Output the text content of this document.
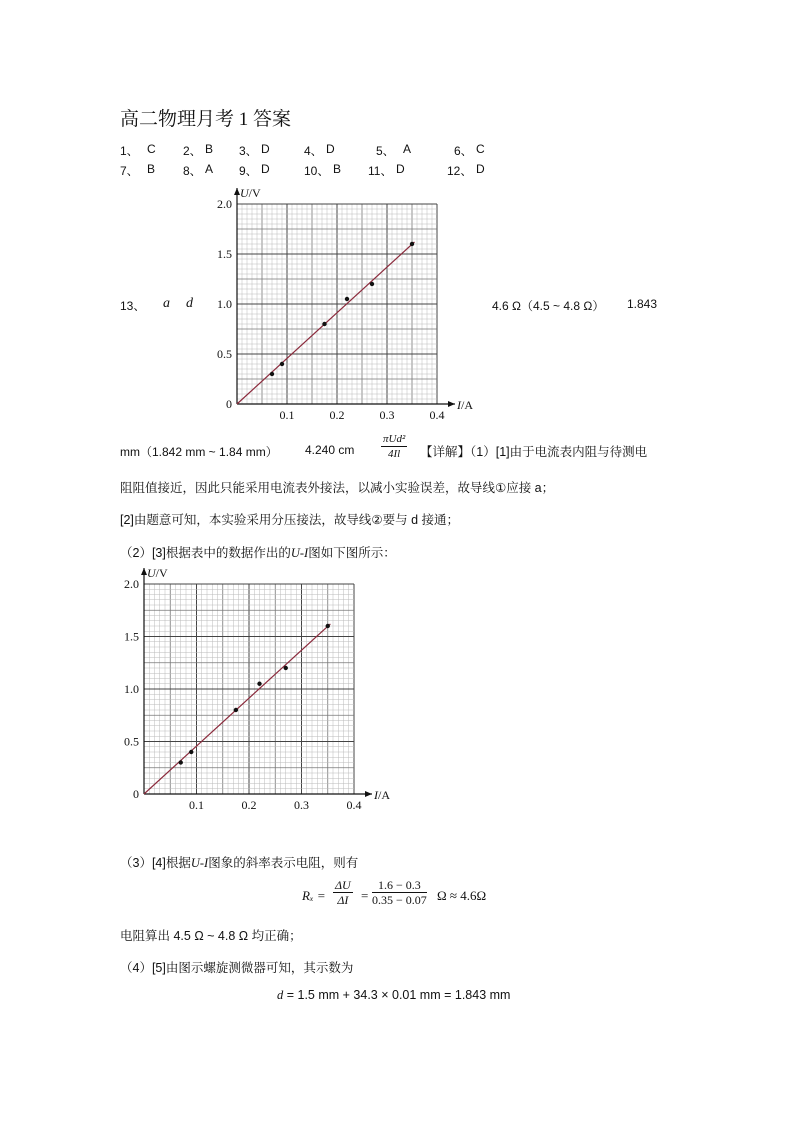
高二物理月考 1 答案
1、 C 2、 B 3、 D	4、 D	5、 A	6、 C
7、 B 8、 A 9、 D	10、 B 11、 D	12、 D
13、 a d	4.6 Ω（4.5 ~ 4.8 Ω） 1.843
0.1	0.2	0.3	0.4
0
0.5
1.0
1.5
2.0
U/V
I/A
mm（1.842 mm ~ 1.84 mm） 4.240 cm
πUd²
4Il	【详解】（1）[1]由于电流表内阻与待测电
阻阻值接近，因此只能采用电流表外接法，以减小实验误差，故导线①应接 a；
[2]由题意可知，本实验采用分压接法，故导线②要与 d 接通；
（2）[3]根据表中的数据作出的U-I图如下图所示：
0.1	0.2	0.3	0.4
0
0.5
1.0
1.5
2.0
U/V
I/A
（3）[4]根据U-I图象的斜率表示电阻，则有
$R_x = \frac{\Delta U}{\Delta I} = \frac{1.6 - 0.3}{0.35 - 0.07}$ Ω ≈ 4.6Ω
电阻算出 4.5 Ω ~ 4.8 Ω 均正确；
（4）[5]由图示螺旋测微器可知，其示数为
d = 1.5 mm + 34.3 × 0.01 mm = 1.843 mm
